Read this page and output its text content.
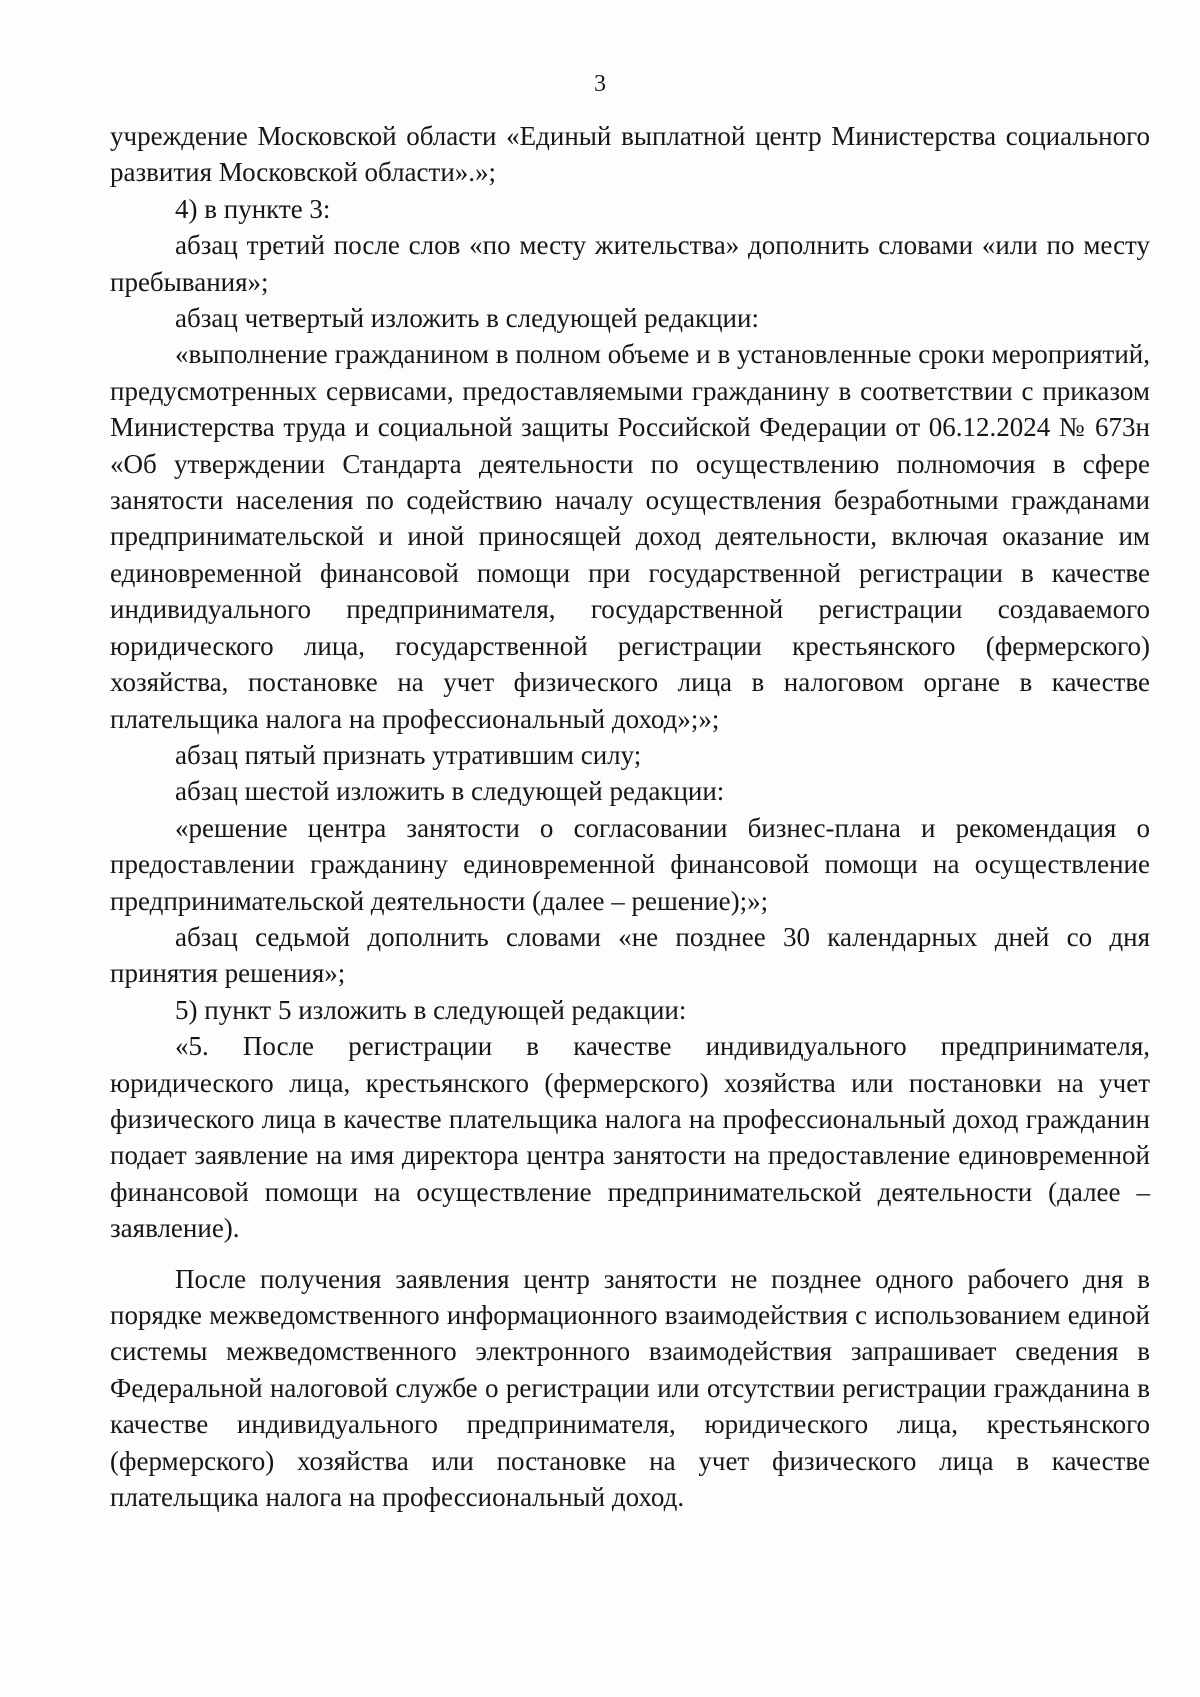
3

учреждение Московской области «Единый выплатной центр Министерства социального развития Московской области».»;

4) в пункте 3:

абзац третий после слов «по месту жительства» дополнить словами «или по месту пребывания»;

абзац четвертый изложить в следующей редакции:

«выполнение гражданином в полном объеме и в установленные сроки мероприятий, предусмотренных сервисами, предоставляемыми гражданину в соответствии с приказом Министерства труда и социальной защиты Российской Федерации от 06.12.2024 № 673н «Об утверждении Стандарта деятельности по осуществлению полномочия в сфере занятости населения по содействию началу осуществления безработными гражданами предпринимательской и иной приносящей доход деятельности, включая оказание им единовременной финансовой помощи при государственной регистрации в качестве индивидуального предпринимателя, государственной регистрации создаваемого юридического лица, государственной регистрации крестьянского (фермерского) хозяйства, постановке на учет физического лица в налоговом органе в качестве плательщика налога на профессиональный доход»;»;

абзац пятый признать утратившим силу;

абзац шестой изложить в следующей редакции:

«решение центра занятости о согласовании бизнес-плана и рекомендация о предоставлении гражданину единовременной финансовой помощи на осуществление предпринимательской деятельности (далее – решение);»;

абзац седьмой дополнить словами «не позднее 30 календарных дней со дня принятия решения»;

5) пункт 5 изложить в следующей редакции:

«5. После регистрации в качестве индивидуального предпринимателя, юридического лица, крестьянского (фермерского) хозяйства или постановки на учет физического лица в качестве плательщика налога на профессиональный доход гражданин подает заявление на имя директора центра занятости на предоставление единовременной финансовой помощи на осуществление предпринимательской деятельности (далее – заявление).

После получения заявления центр занятости не позднее одного рабочего дня в порядке межведомственного информационного взаимодействия с использованием единой системы межведомственного электронного взаимодействия запрашивает сведения в Федеральной налоговой службе о регистрации или отсутствии регистрации гражданина в качестве индивидуального предпринимателя, юридического лица, крестьянского (фермерского) хозяйства или постановке на учет физического лица в качестве плательщика налога на профессиональный доход.
